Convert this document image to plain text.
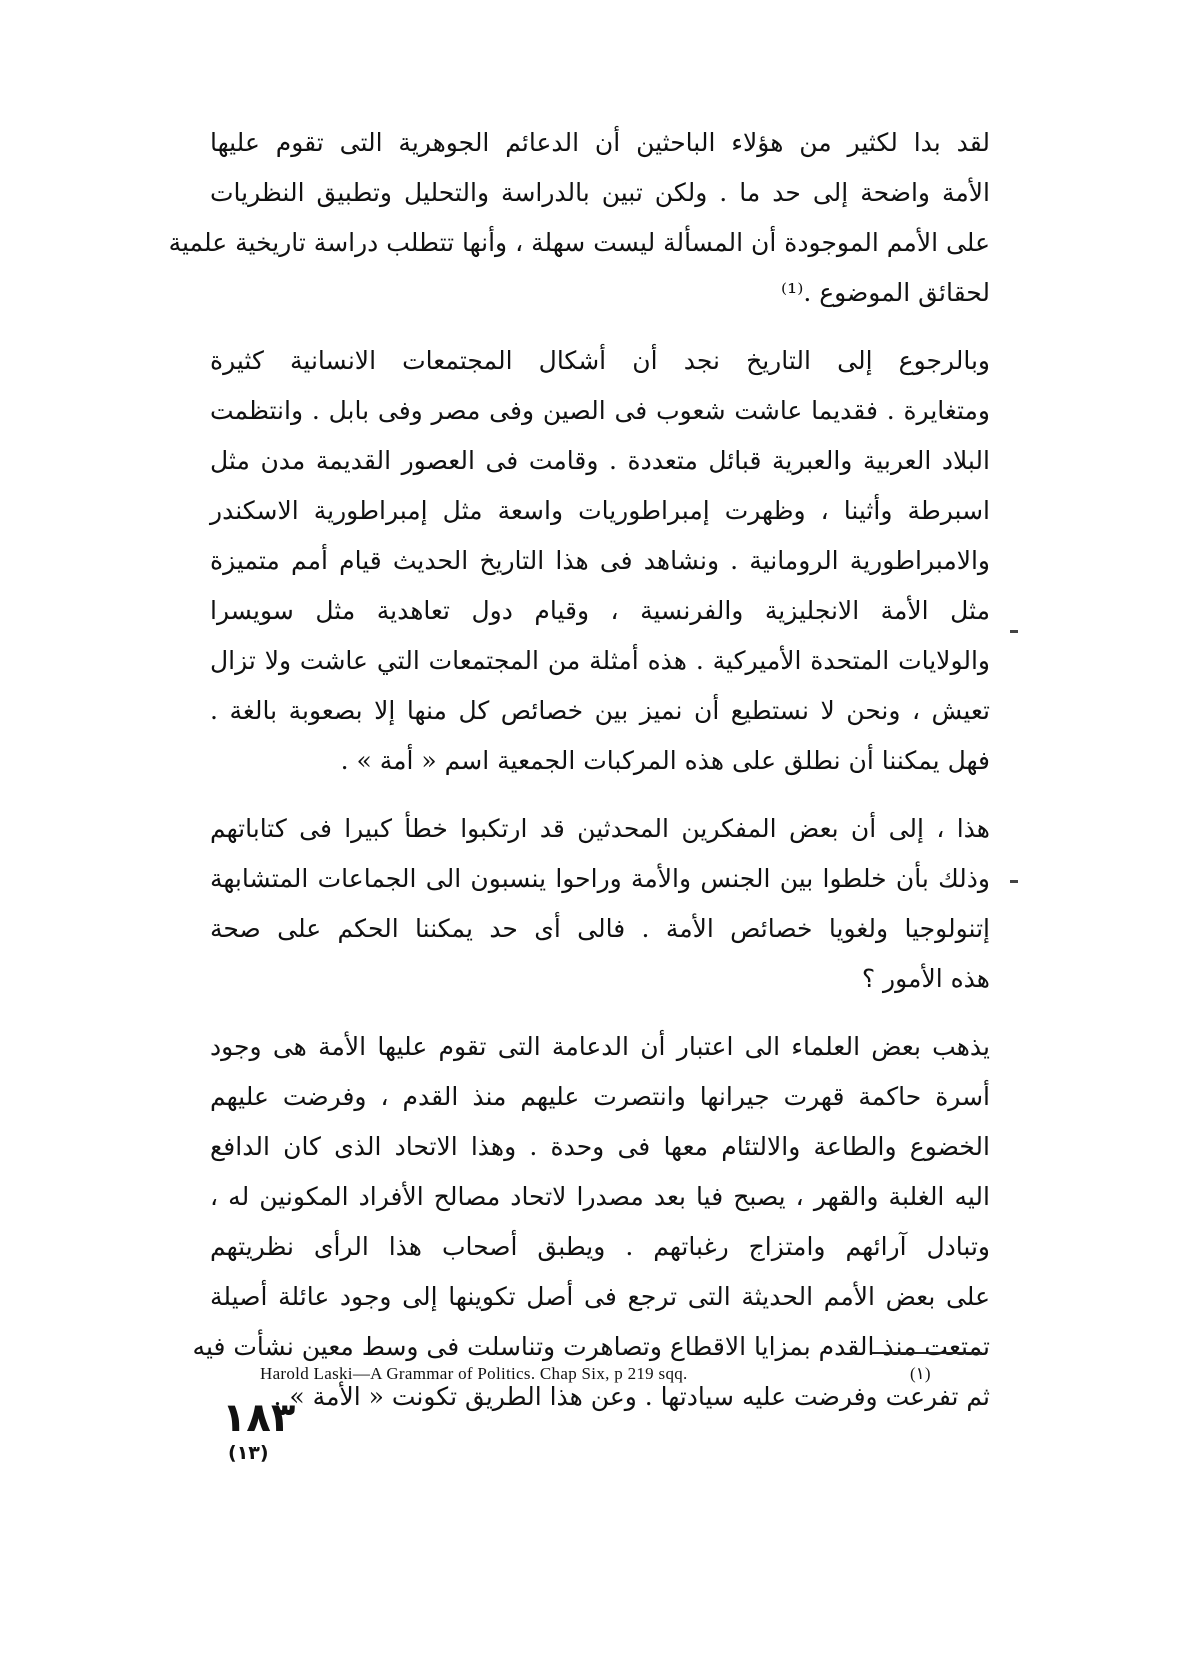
لقد بدا لكثير من هؤلاء الباحثين أن الدعائم الجوهرية التى تقوم عليها
الأمة واضحة إلى حد ما . ولكن تبين بالدراسة والتحليل وتطبيق النظريات
على الأمم الموجودة أن المسألة ليست سهلة ، وأنها تتطلب دراسة تاريخية علمية
لحقائق الموضوع .⁽¹⁾

وبالرجوع إلى التاريخ نجد أن أشكال المجتمعات الانسانية كثيرة
ومتغايرة . فقديما عاشت شعوب فى الصين وفى مصر وفى بابل . وانتظمت
البلاد العربية والعبرية قبائل متعددة . وقامت فى العصور القديمة مدن مثل
اسبرطة وأثينا ، وظهرت إمبراطوريات واسعة مثل إمبراطورية الاسكندر
والامبراطورية الرومانية . ونشاهد فى هذا التاريخ الحديث قيام أمم متميزة
مثل الأمة الانجليزية والفرنسية ، وقيام دول تعاهدية مثل سويسرا
والولايات المتحدة الأميركية . هذه أمثلة من المجتمعات التي عاشت ولا تزال
تعيش ، ونحن لا نستطيع أن نميز بين خصائص كل منها إلا بصعوبة بالغة .
فهل يمكننا أن نطلق على هذه المركبات الجمعية اسم « أمة » .

هذا ، إلى أن بعض المفكرين المحدثين قد ارتكبوا خطأ كبيرا فى كتاباتهم
وذلك بأن خلطوا بين الجنس والأمة وراحوا ينسبون الى الجماعات المتشابهة
إتنولوجيا ولغويا خصائص الأمة . فالى أى حد يمكننا الحكم على صحة
هذه الأمور ؟

يذهب بعض العلماء الى اعتبار أن الدعامة التى تقوم عليها الأمة هى وجود
أسرة حاكمة قهرت جيرانها وانتصرت عليهم منذ القدم ، وفرضت عليهم
الخضوع والطاعة والالتئام معها فى وحدة . وهذا الاتحاد الذى كان الدافع
اليه الغلبة والقهر ، يصبح فيا بعد مصدرا لاتحاد مصالح الأفراد المكونين له ،
وتبادل آرائهم وامتزاج رغباتهم . ويطبق أصحاب هذا الرأى نظريتهم
على بعض الأمم الحديثة التى ترجع فى أصل تكوينها إلى وجود عائلة أصيلة
تمتعت منذ القدم بمزايا الاقطاع وتصاهرت وتناسلت فى وسط معين نشأت فيه
ثم تفرعت وفرضت عليه سيادتها . وعن هذا الطريق تكونت « الأمة » .

Harold Laski—A Grammar of Politics. Chap Six, p 219 sqq.	(١)
١٨٣
(١٣)
